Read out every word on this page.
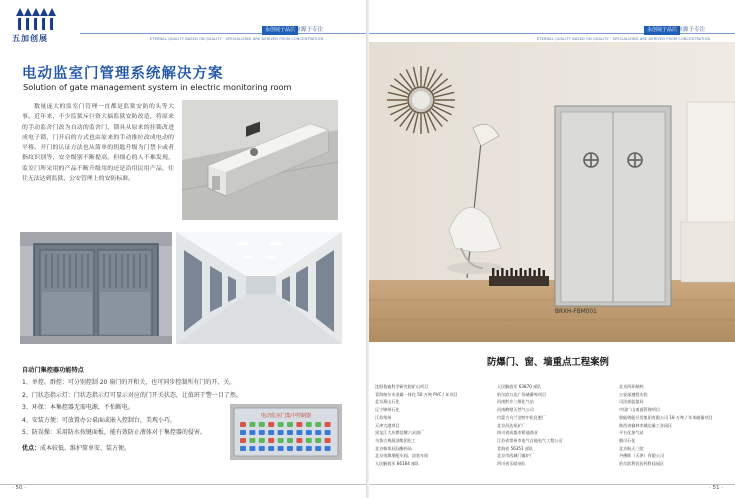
五加创展
永创展子品质
专业源于专注
ETERNAL QUALITY BASED ON QUALITY · SPECIALIZING ARE DERIVED FROM CONCENTRATION
电动监室门管理系统解决方案
Solution of gate management system in electric monitoring room

数量庞大的监室门管理一直都是监狱安防的头等大事。近年来，不少监狱斥巨资大搞监狱安防改造，将原来的手动监舍门改为自动的监舍门，锁具从原来的挂锁改进成电子锁，门开启的方式也由原来的手动推拉改成电动的平移。开门的认证方法也从简单的钥匙升级为门禁卡或者指纹识别等，安全级别不断提高。但细心的人不难发现，监室门所采用的产品不断升级用的还是沿用民用产品，往往无法达到监狱、公安管理上的安防标准。

自动门集控器功能特点
1、单控、群控：可分别控制 20 扇门的开和关，也可同步控制所有门的开、关。
2、门状态指示灯：门状态指示灯可显示对应的门开关状态，让值班干警一目了然。
3、环保：本集控器无需电源，不怕断电。
4、安装方便：可放置办公桌面或嵌入控制台，美观小巧。
5、防误操：采用防水按键面板，能有效防止液体对于集控器的侵害。
优点：成本较低、维护简单安、装方便。
电动监室门集中控制器
· 50 ·
永创展子品质
专业源于专注
ETERNAL QUALITY BASED ON QUALITY · SPECIALIZING ARE DERIVED FROM CONCENTRATION
BRXH-FBM001
防爆门、窗、墙重点工程案例
沈阳鲁迪科学研究院矿山项目
青海格尔木金属一体化 50 万吨 PVC / 年项目
北京燕山石化
辽宁锦州石化
江苏常州
天津大港项目
黑龙江大庆燃信酸六采油厂
乌鲁古黄蔬油集团化工
北京韩邦辰际酶药局
北京贵潍朋配车间、涂装车间
人民解放军 66164 部队
人民解放军 63870 部队
哈尔滨万达广场储蓄库项目
河南黔乡三维化气站
河南鹤壁天然气公司
内蒙古乌兰浩特中化化肥厂
北京昌达炭矿厂
四川省成都市桥迪商业
江苏省常州市电气自能电气工程公司
青海省 56351 部队
北京市西城门镇炉厂
四川省乐暗帝队
北京四环制药
公安部遵程实验
司法部监狱局
中国广山南面管理项目
鲁能则能开发集团有限公司 18 万吨 / 年苯储量项目
陕西省榆林市城边量工业园区
平右化加气站
朝川石化
北京航天三院
丹佛斯（天津）有限公司
哈尔滨利民医药科技园区
· 51 ·
